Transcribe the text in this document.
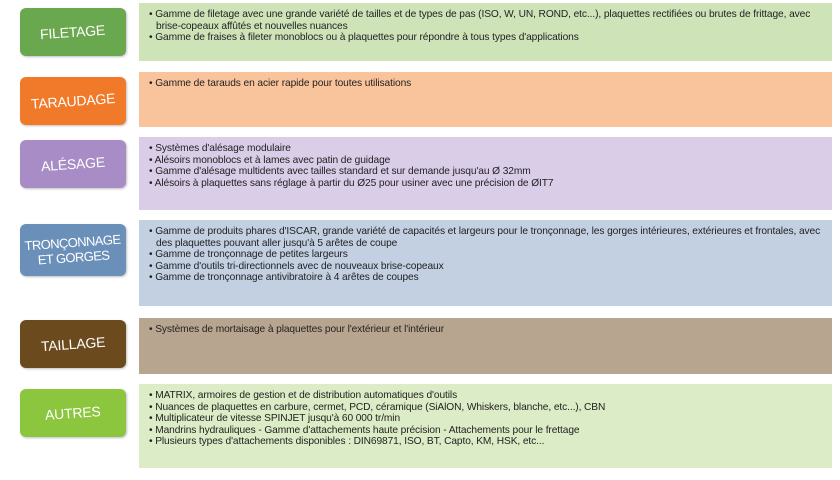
• Gamme de filetage avec une grande variété de tailles et de types de pas (ISO, W, UN, ROND, etc...), plaquettes rectifiées ou brutes de frittage, avec brise-copeaux affûtés et nouvelles nuances
• Gamme de fraises à fileter monoblocs ou à plaquettes pour répondre à tous types d'applications
FILETAGE
• Gamme de tarauds en acier rapide pour toutes utilisations
TARAUDAGE
• Systèmes d'alésage modulaire
• Alésoirs monoblocs et à lames avec patin de guidage
• Gamme d'alésage multidents avec tailles standard et sur demande jusqu'au Ø 32mm
• Alésoirs à plaquettes sans réglage à partir du Ø25 pour usiner avec une précision de ØIT7
ALÉSAGE
• Gamme de produits phares d'ISCAR, grande variété de capacités et largeurs pour le tronçonnage, les gorges intérieures, extérieures et frontales, avec des plaquettes pouvant aller jusqu'à 5 arêtes de coupe
• Gamme de tronçonnage de petites largeurs
• Gamme d'outils tri-directionnels avec de nouveaux brise-copeaux
• Gamme de tronçonnage antivibratoire à 4 arêtes de coupes
TRONÇONNAGE ET GORGES
• Systèmes de mortaisage à plaquettes pour l'extérieur et l'intérieur
TAILLAGE
• MATRIX, armoires de gestion et de distribution automatiques d'outils
• Nuances de plaquettes en carbure, cermet, PCD, céramique (SiAlON, Whiskers, blanche, etc...), CBN
• Multiplicateur de vitesse SPINJET jusqu'à 60 000 tr/min
• Mandrins hydrauliques - Gamme d'attachements haute précision - Attachements pour le frettage
• Plusieurs types d'attachements disponibles : DIN69871, ISO, BT, Capto, KM, HSK, etc...
AUTRES
